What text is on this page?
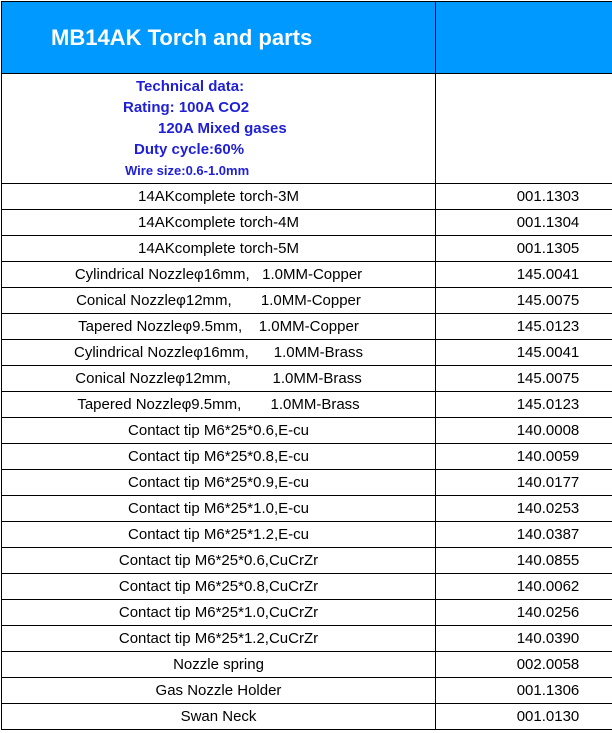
MB14AK Torch and parts	

Technical data:
Rating: 100A CO2
120A Mixed gases
Duty cycle:60%
Wire size:0.6-1.0mm	

14AKcomplete torch-3M	001.1303
14AKcomplete torch-4M	001.1304
14AKcomplete torch-5M	001.1305
Cylindrical Nozzleφ16mm,   1.0MM-Copper	145.0041
Conical Nozzleφ12mm,       1.0MM-Copper	145.0075
Tapered Nozzleφ9.5mm,    1.0MM-Copper	145.0123
Cylindrical Nozzleφ16mm,      1.0MM-Brass	145.0041
Conical Nozzleφ12mm,          1.0MM-Brass	145.0075
Tapered Nozzleφ9.5mm,       1.0MM-Brass	145.0123
Contact tip M6*25*0.6,E-cu	140.0008
Contact tip M6*25*0.8,E-cu	140.0059
Contact tip M6*25*0.9,E-cu	140.0177
Contact tip M6*25*1.0,E-cu	140.0253
Contact tip M6*25*1.2,E-cu	140.0387
Contact tip M6*25*0.6,CuCrZr	140.0855
Contact tip M6*25*0.8,CuCrZr	140.0062
Contact tip M6*25*1.0,CuCrZr	140.0256
Contact tip M6*25*1.2,CuCrZr	140.0390
Nozzle spring	002.0058
Gas Nozzle Holder	001.1306
Swan Neck	001.0130
